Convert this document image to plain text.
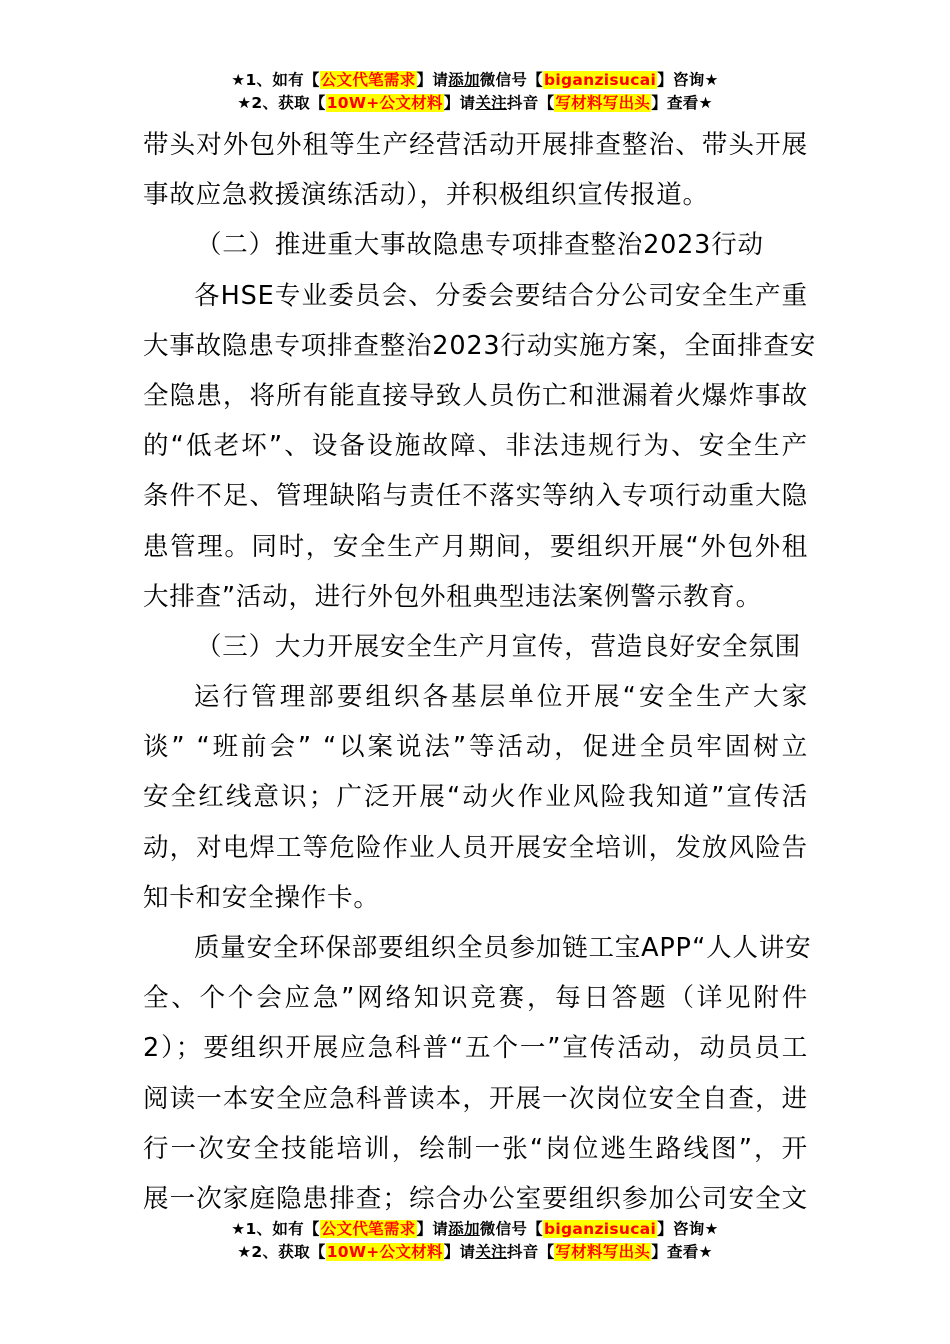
★1、如有【公文代笔需求】请添加微信号【biganzisucai】咨询★
★2、获取【10W+公文材料】请关注抖音【写材料写出头】查看★
带头对外包外租等生产经营活动开展排查整治、带头开展
事故应急救援演练活动），并积极组织宣传报道。
（二）推进重大事故隐患专项排查整治2023行动
各HSE专业委员会、分委会要结合分公司安全生产重
大事故隐患专项排查整治2023行动实施方案，全面排查安
全隐患，将所有能直接导致人员伤亡和泄漏着火爆炸事故
的“低老坏”、设备设施故障、非法违规行为、安全生产
条件不足、管理缺陷与责任不落实等纳入专项行动重大隐
患管理。同时，安全生产月期间，要组织开展“外包外租
大排查”活动，进行外包外租典型违法案例警示教育。
（三）大力开展安全生产月宣传，营造良好安全氛围
运行管理部要组织各基层单位开展“安全生产大家
谈” “班前会” “以案说法”等活动，促进全员牢固树立
安全红线意识；广泛开展“动火作业风险我知道”宣传活
动，对电焊工等危险作业人员开展安全培训，发放风险告
知卡和安全操作卡。
质量安全环保部要组织全员参加链工宝APP“人人讲安
全、个个会应急”网络知识竞赛，每日答题（详见附件
2）；要组织开展应急科普“五个一”宣传活动，动员员工
阅读一本安全应急科普读本，开展一次岗位安全自查，进
行一次安全技能培训，绘制一张“岗位逃生路线图”，开
展一次家庭隐患排查；综合办公室要组织参加公司安全文
★1、如有【公文代笔需求】请添加微信号【biganzisucai】咨询★
★2、获取【10W+公文材料】请关注抖音【写材料写出头】查看★
